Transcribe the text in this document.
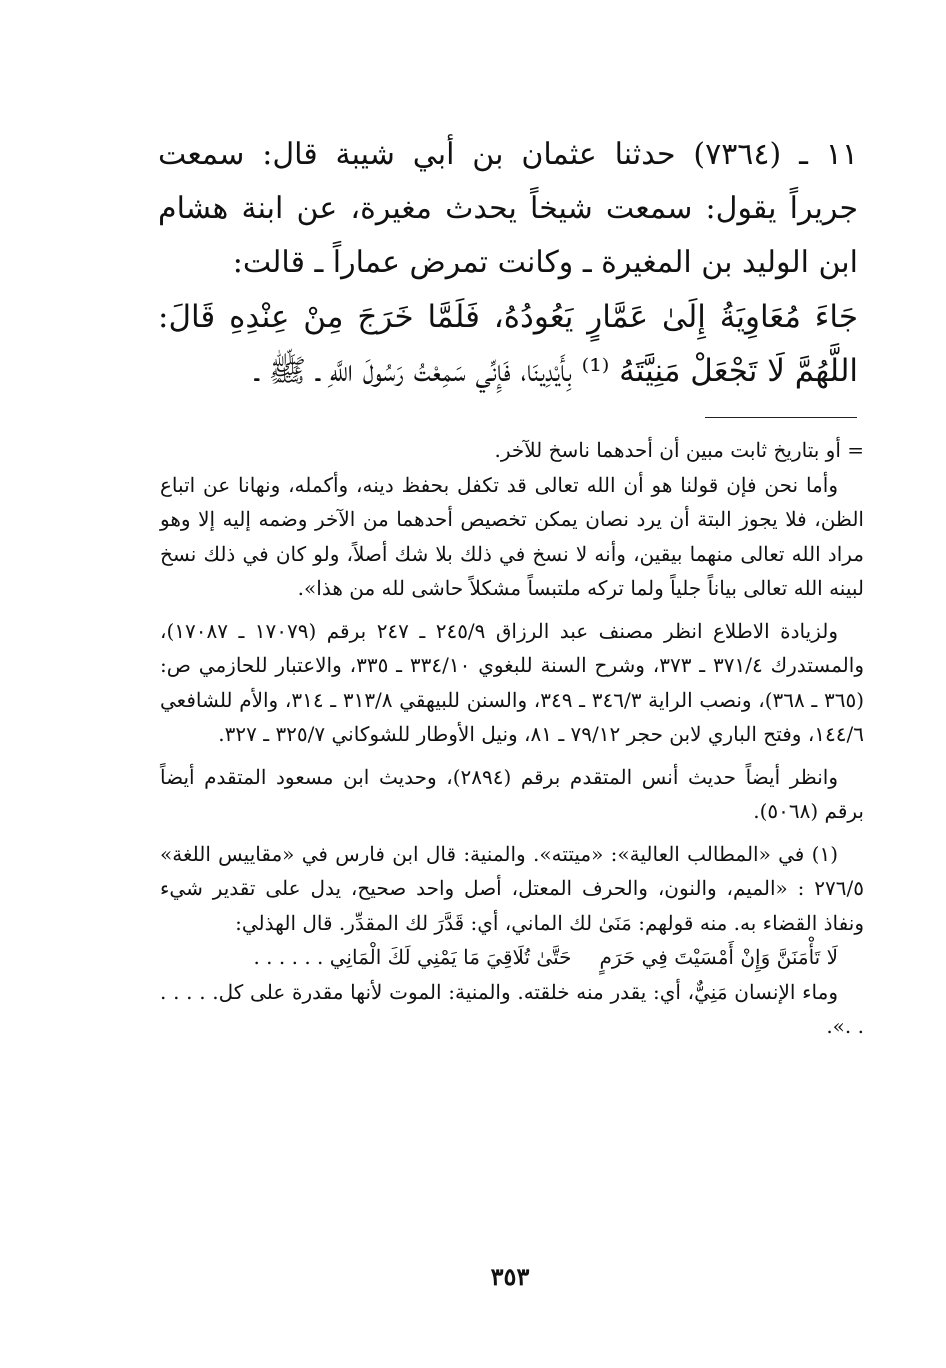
١١ ـ (٧٣٦٤) حدثنا عثمان بن أبي شيبة قال: سمعت جريراً يقول: سمعت شيخاً يحدث مغيرة، عن ابنة هشام ابن الوليد بن المغيرة ـ وكانت تمرض عماراً ـ قالت:

جَاءَ مُعَاوِيَةُ إِلَىٰ عَمَّارٍ يَعُودُهُ، فَلَمَّا خَرَجَ مِنْ عِنْدِهِ قَالَ: اللَّهُمَّ لَا تَجْعَلْ مَنِيَّتَهُ ⁽¹⁾ بِأَيْدِينَا، فَإِنِّي سَمِعْتُ رَسُولَ اللَّهِ ـ ﷺ ـ

= أو بتاريخ ثابت مبين أن أحدهما ناسخ للآخر.

وأما نحن فإن قولنا هو أن الله تعالى قد تكفل بحفظ دينه، وأكمله، ونهانا عن اتباع الظن، فلا يجوز البتة أن يرد نصان يمكن تخصيص أحدهما من الآخر وضمه إليه إلا وهو مراد الله تعالى منهما بيقين، وأنه لا نسخ في ذلك بلا شك أصلاً، ولو كان في ذلك نسخ لبينه الله تعالى بياناً جلياً ولما تركه ملتبساً مشكلاً حاشى لله من هذا».

ولزيادة الاطلاع انظر مصنف عبد الرزاق ٢٤٥/٩ ـ ٢٤٧ برقم (١٧٠٧٩ ـ ١٧٠٨٧)، والمستدرك ٣٧١/٤ ـ ٣٧٣، وشرح السنة للبغوي ٣٣٤/١٠ ـ ٣٣٥، والاعتبار للحازمي ص: (٣٦٥ ـ ٣٦٨)، ونصب الراية ٣٤٦/٣ ـ ٣٤٩، والسنن للبيهقي ٣١٣/٨ ـ ٣١٤، والأم للشافعي ١٤٤/٦، وفتح الباري لابن حجر ٧٩/١٢ ـ ٨١، ونيل الأوطار للشوكاني ٣٢٥/٧ ـ ٣٢٧.

وانظر أيضاً حديث أنس المتقدم برقم (٢٨٩٤)، وحديث ابن مسعود المتقدم أيضاً برقم (٥٠٦٨).

(١) في «المطالب العالية»: «ميتته». والمنية: قال ابن فارس في «مقاييس اللغة» ٢٧٦/٥ : «الميم، والنون، والحرف المعتل، أصل واحد صحيح، يدل على تقدير شيء ونفاذ القضاء به. منه قولهم: مَنَىٰ لك الماني، أي: قَدَّرَ لك المقدِّر. قال الهذلي:

لَا تَأْمَنَنَّ وَإِنْ أَمْسَيْتَ فِي حَرَمٍ
حَتَّىٰ تُلَاقِيَ مَا يَمْنِي لَكَ الْمَانِي . . . . . .

وماء الإنسان مَنِيٌّ، أي: يقدر منه خلقته. والمنية: الموت لأنها مقدرة على كل. . . . . . .».

٣٥٣
